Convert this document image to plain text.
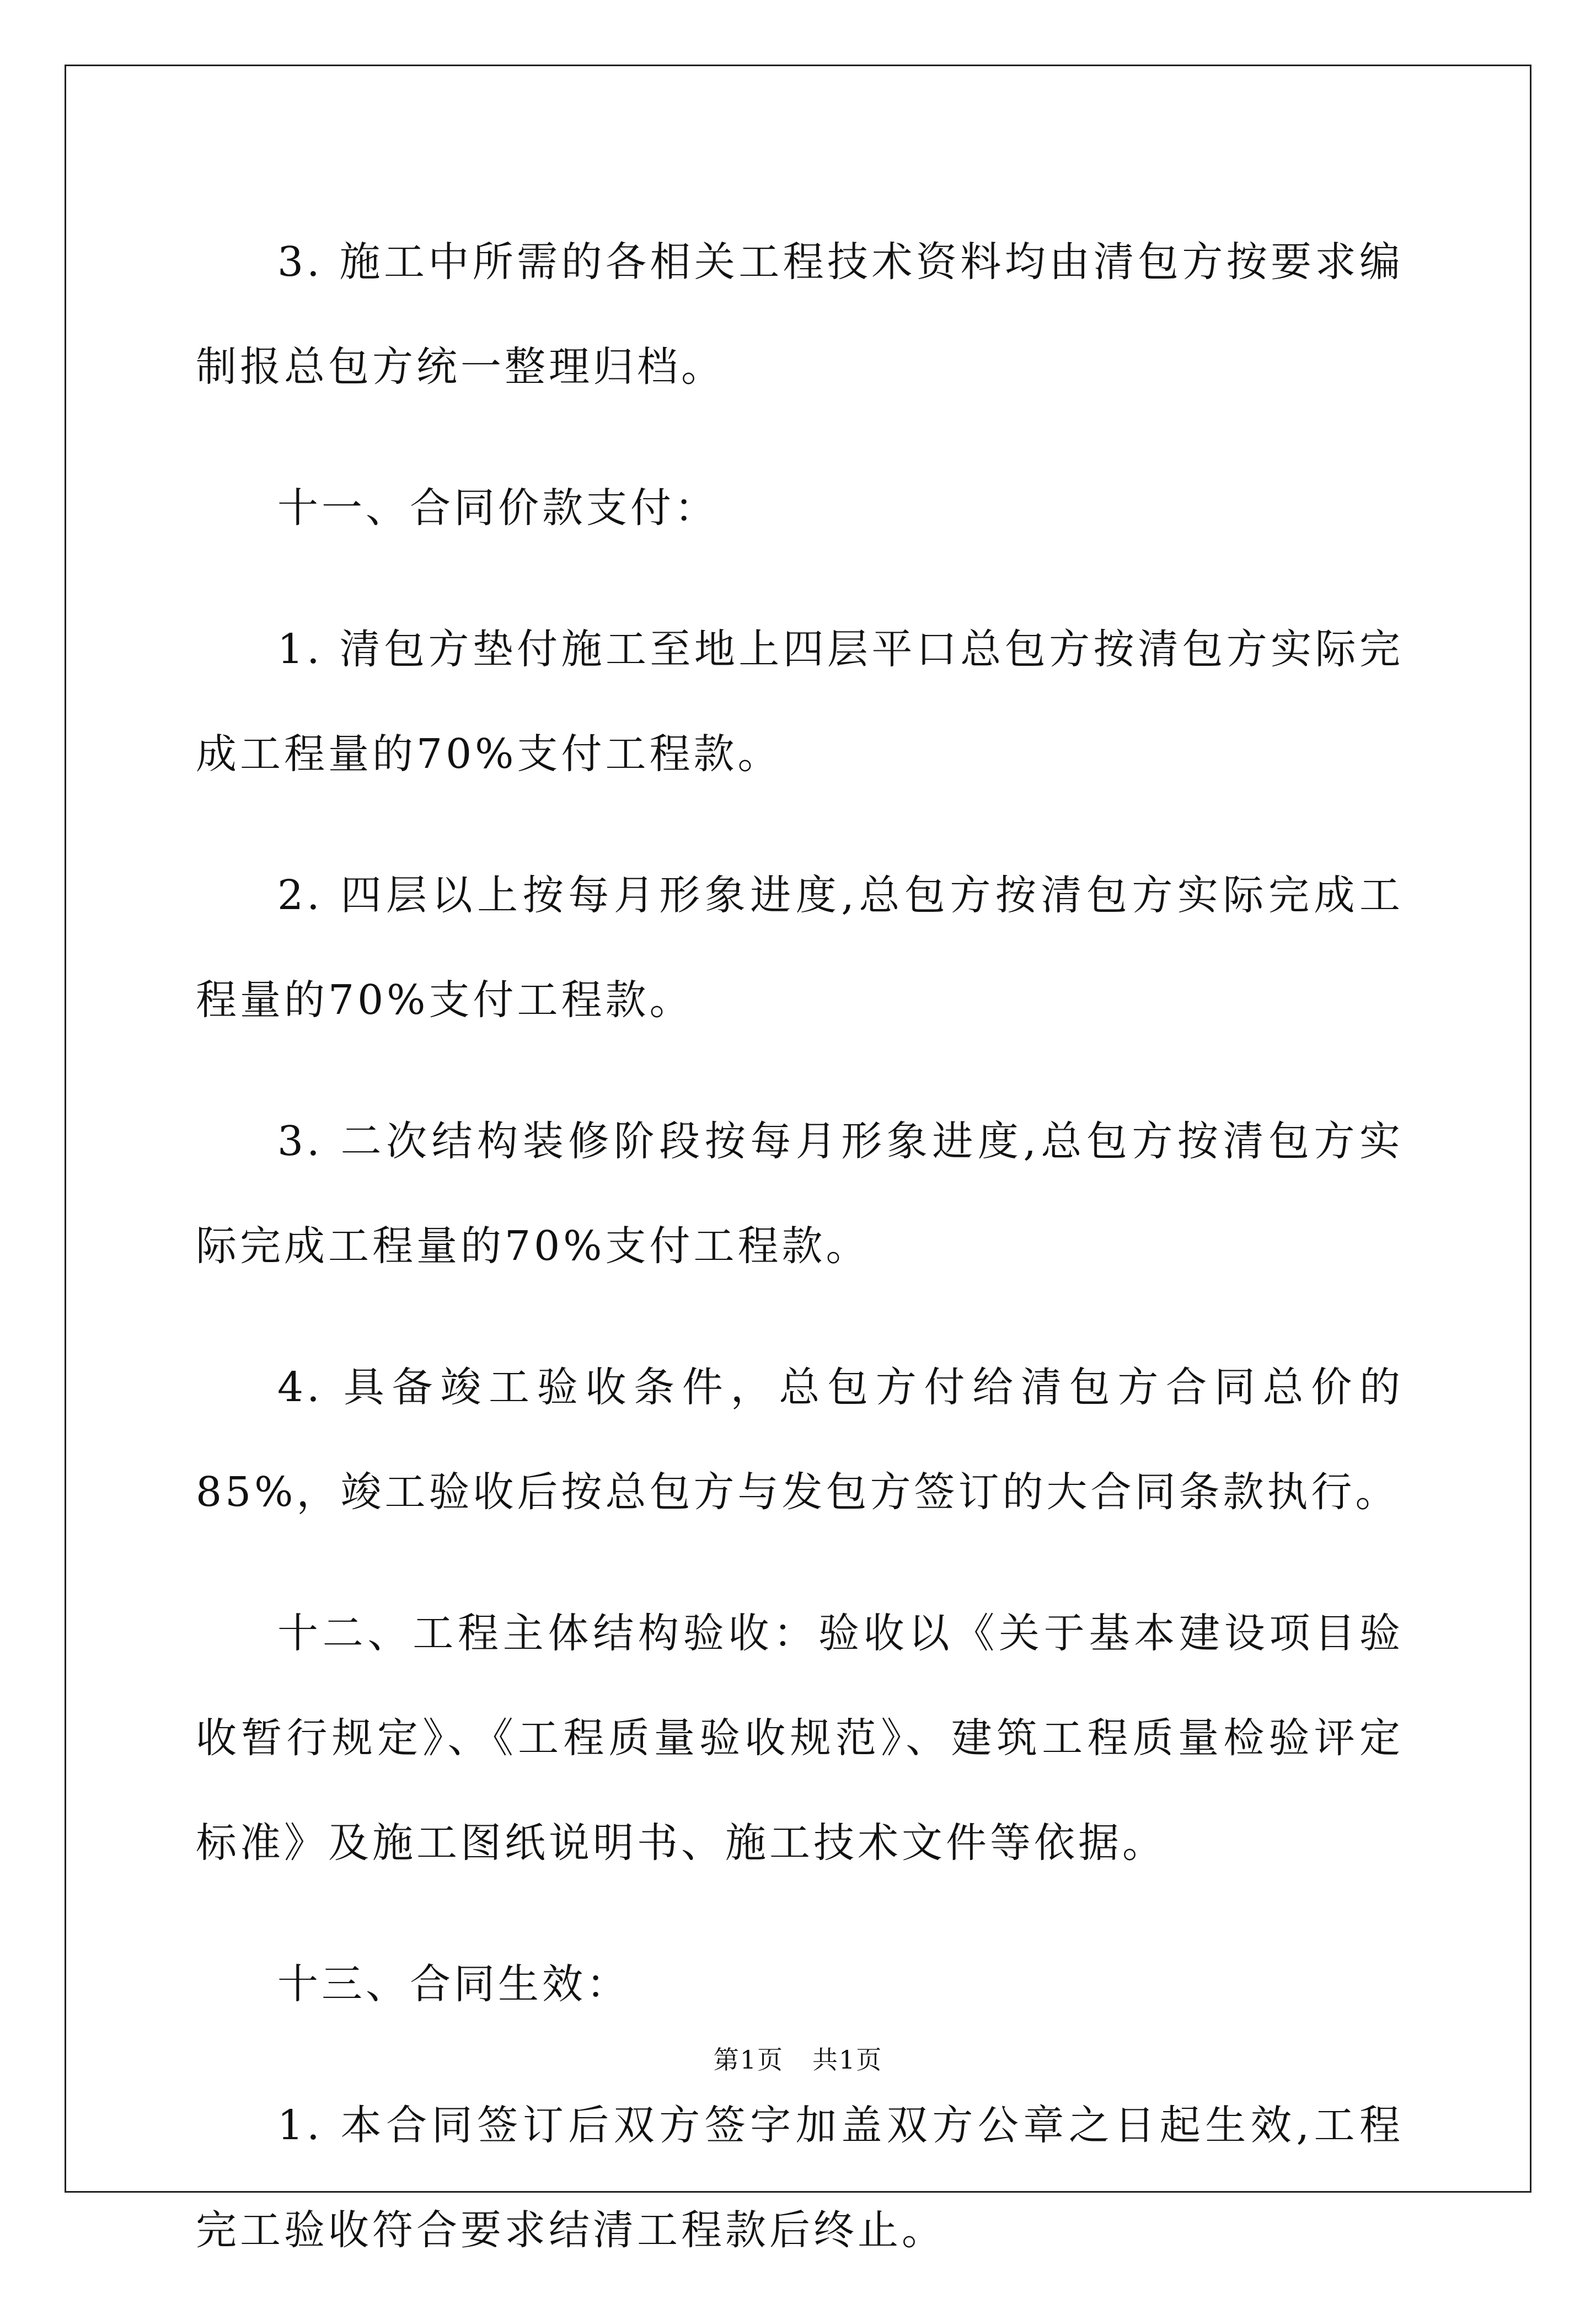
3. 施工中所需的各相关工程技术资料均由清包方按要求编制报总包方统一整理归档。

十一、合同价款支付：

1. 清包方垫付施工至地上四层平口总包方按清包方实际完成工程量的70%支付工程款。

2. 四层以上按每月形象进度,总包方按清包方实际完成工程量的70%支付工程款。

3. 二次结构装修阶段按每月形象进度,总包方按清包方实际完成工程量的70%支付工程款。

4. 具备竣工验收条件，总包方付给清包方合同总价的85%，竣工验收后按总包方与发包方签订的大合同条款执行。

十二、工程主体结构验收：验收以《关于基本建设项目验收暂行规定》、《工程质量验收规范》、建筑工程质量检验评定标准》及施工图纸说明书、施工技术文件等依据。

十三、合同生效：

1. 本合同签订后双方签字加盖双方公章之日起生效,工程完工验收符合要求结清工程款后终止。

第1页 共1页
